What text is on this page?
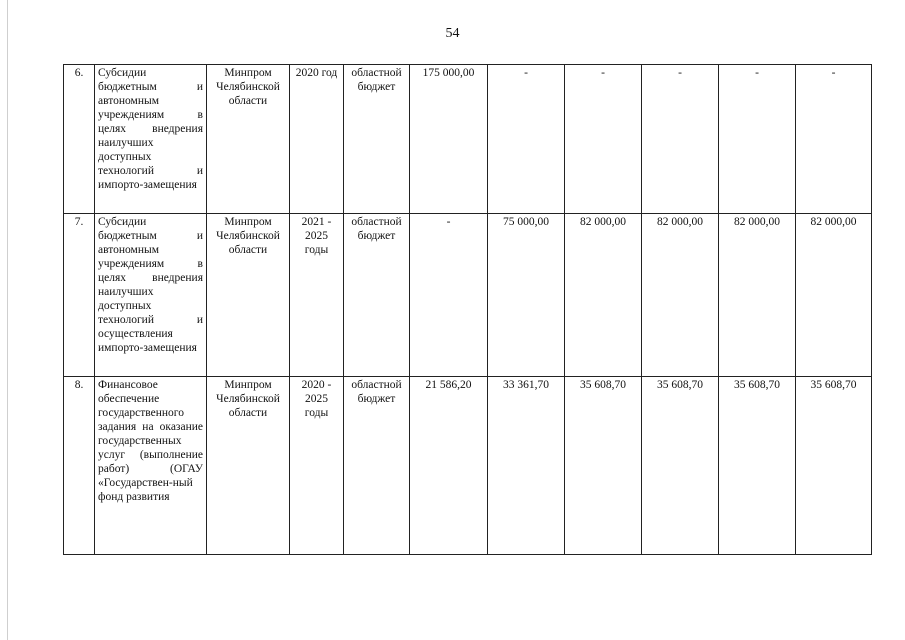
54
6.	Субсидии бюджетным и автономным учреждениям в целях внедрения наилучших доступных технологий и импорто-замещения	Минпром Челябинской области	2020 год	областной бюджет	175 000,00	-	-	-	-	-
7.	Субсидии бюджетным и автономным учреждениям в целях внедрения наилучших доступных технологий и осуществления импорто-замещения	Минпром Челябинской области	2021 - 2025 годы	областной бюджет	-	75 000,00	82 000,00	82 000,00	82 000,00	82 000,00
8.	Финансовое обеспечение государственного задания на оказание государственных услуг (выполнение работ) (ОГАУ «Государствен-ный фонд развития	Минпром Челябинской области	2020 - 2025 годы	областной бюджет	21 586,20	33 361,70	35 608,70	35 608,70	35 608,70	35 608,70
